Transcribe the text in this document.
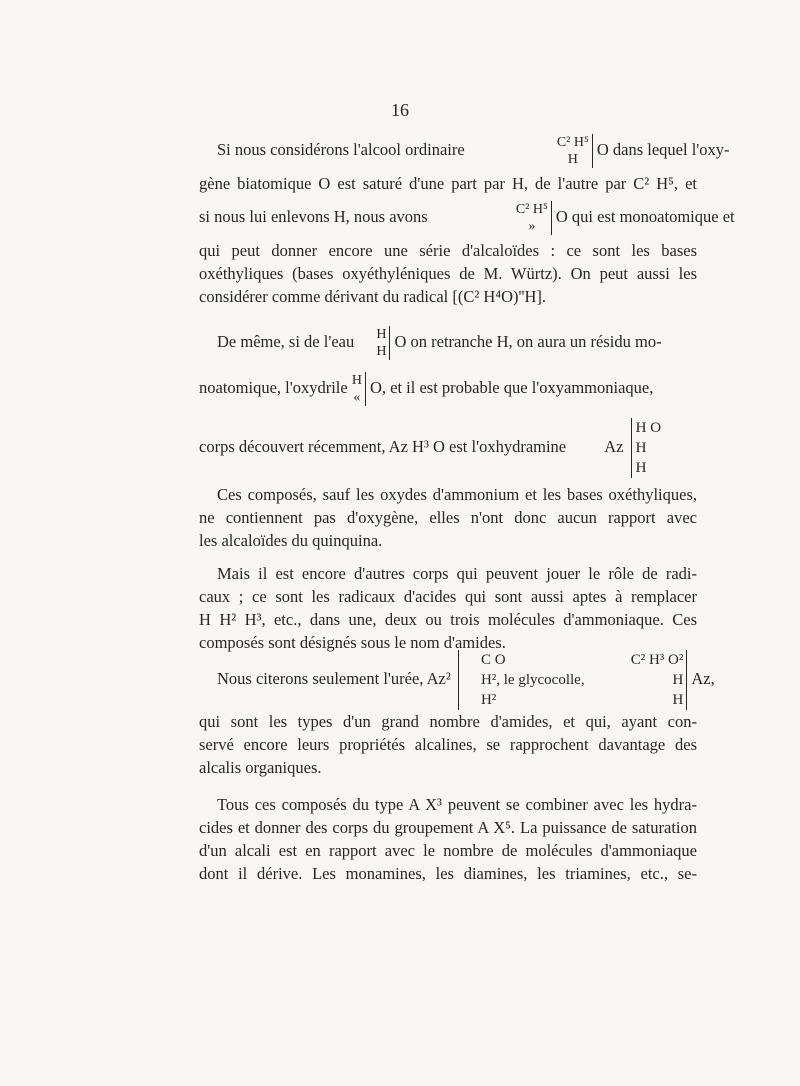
16
Si nous considérons l'alcool ordinaire	C² H⁵
H
O dans lequel l'oxy-
gène biatomique O est saturé d'une part par H, de l'autre par C² H⁵, et
si nous lui enlevons H, nous avons	C² H⁵
»
O qui est monoatomique et
qui peut donner encore une série d'alcaloïdes : ce sont les bases
oxéthyliques (bases oxyéthyléniques de M. Würtz). On peut aussi les
considérer comme dérivant du radical [(C² H⁴O)''H].
De même, si de l'eau	H
H
O on retranche H, on aura un résidu mo-
noatomique, l'oxydrile H
«
O, et il est probable que l'oxyammoniaque,
corps découvert récemment, Az H³ O est l'oxhydramine Az
H O
H
H
Ces composés, sauf les oxydes d'ammonium et les bases oxéthyliques,
ne contiennent pas d'oxygène, elles n'ont donc aucun rapport avec
les alcaloïdes du quinquina.
Mais il est encore d'autres corps qui peuvent jouer le rôle de radi-
caux ; ce sont les radicaux d'acides qui sont aussi aptes à remplacer
H H² H³, etc., dans une, deux ou trois molécules d'ammoniaque. Ces
composés sont désignés sous le nom d'amides.
Nous citerons seulement l'urée, Az²
C O
H², le glycocolle,
H²

C² H³ O²
H
H
Az,
qui sont les types d'un grand nombre d'amides, et qui, ayant con-
servé encore leurs propriétés alcalines, se rapprochent davantage des
alcalis organiques.
Tous ces composés du type A X³ peuvent se combiner avec les hydra-
cides et donner des corps du groupement A X⁵. La puissance de saturation
d'un alcali est en rapport avec le nombre de molécules d'ammoniaque
dont il dérive. Les monamines, les diamines, les triamines, etc., se-
